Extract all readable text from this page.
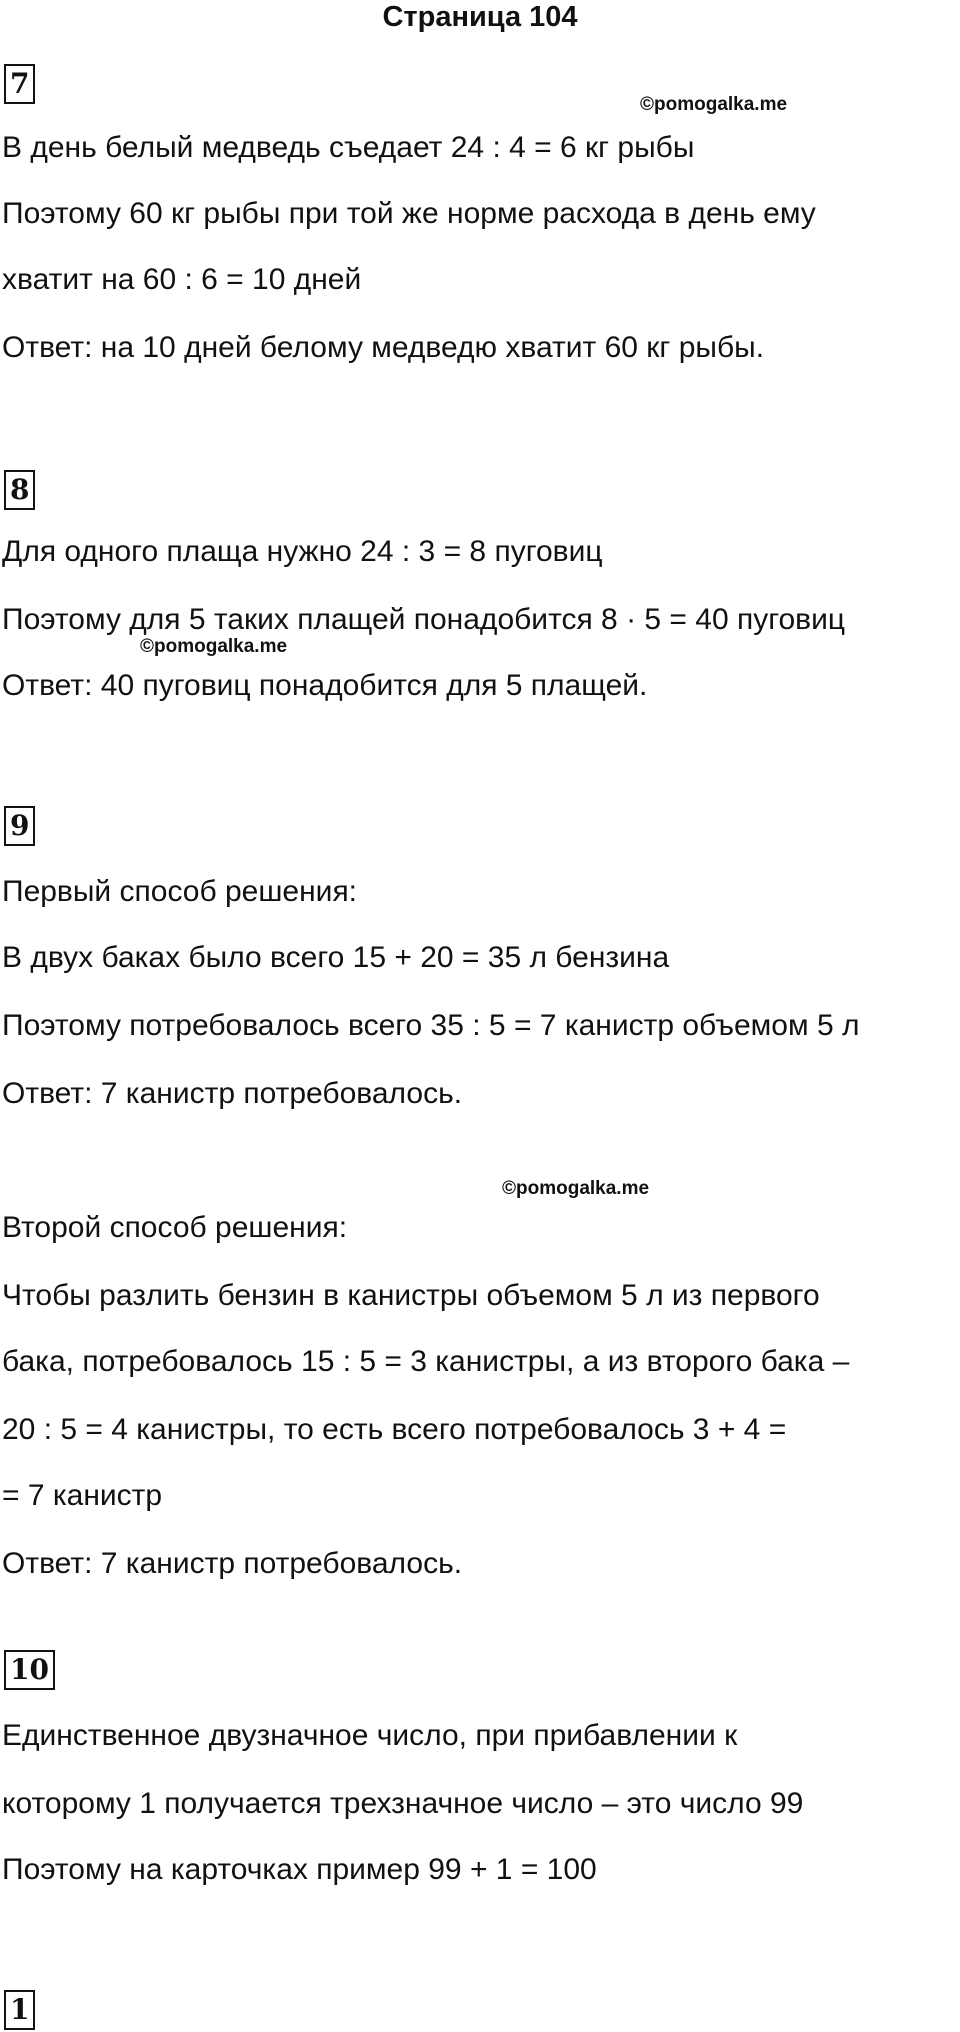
Страница 104
7
©pomogalka.me
В день белый медведь съедает 24 : 4 = 6 кг рыбы
Поэтому 60 кг рыбы при той же норме расхода в день ему
хватит на 60 : 6 = 10 дней
Ответ: на 10 дней белому медведю хватит 60 кг рыбы.
8
Для одного плаща нужно 24 : 3 = 8 пуговиц
Поэтому для 5 таких плащей понадобится 8 · 5 = 40 пуговиц
©pomogalka.me
Ответ: 40 пуговиц понадобится для 5 плащей.
9
Первый способ решения:
В двух баках было всего 15 + 20 = 35 л бензина
Поэтому потребовалось всего 35 : 5 = 7 канистр объемом 5 л
Ответ: 7 канистр потребовалось.
©pomogalka.me
Второй способ решения:
Чтобы разлить бензин в канистры объемом 5 л из первого
бака, потребовалось 15 : 5 = 3 канистры, а из второго бака –
20 : 5 = 4 канистры, то есть всего потребовалось 3 + 4 =
= 7 канистр
Ответ: 7 канистр потребовалось.
10
Единственное двузначное число, при прибавлении к
которому 1 получается трехзначное число – это число 99
Поэтому на карточках пример 99 + 1 = 100
1
